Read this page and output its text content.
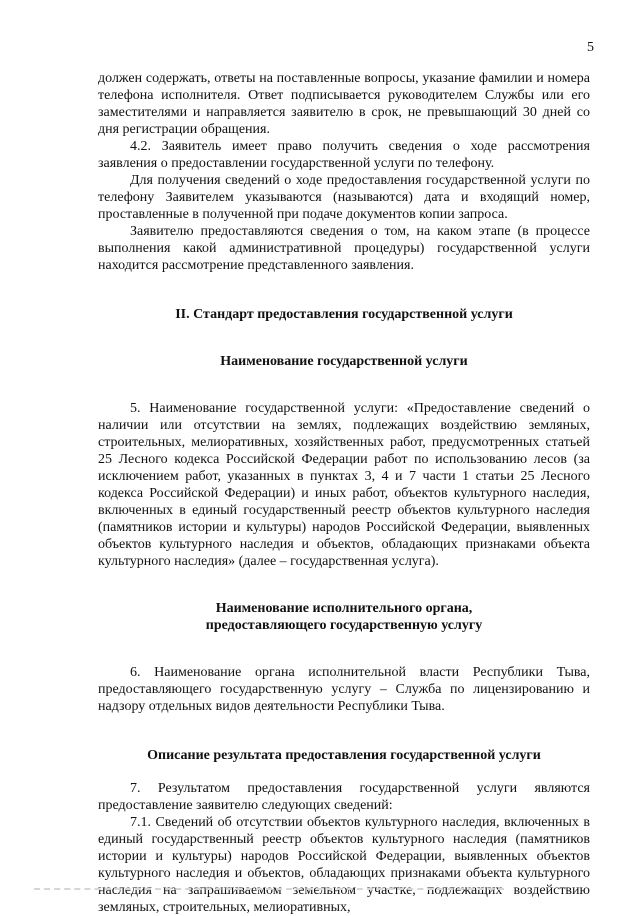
5

должен содержать, ответы на поставленные вопросы, указание фамилии и номера телефона исполнителя. Ответ подписывается руководителем Службы или его заместителями и направляется заявителю в срок, не превышающий 30 дней со дня регистрации обращения.

4.2. Заявитель имеет право получить сведения о ходе рассмотрения заявления о предоставлении государственной услуги по телефону.

Для получения сведений о ходе предоставления государственной услуги по телефону Заявителем указываются (называются) дата и входящий номер, проставленные в полученной при подаче документов копии запроса.

Заявителю предоставляются сведения о том, на каком этапе (в процессе выполнения какой административной процедуры) государственной услуги находится рассмотрение представленного заявления.

II. Стандарт предоставления государственной услуги

Наименование государственной услуги

5. Наименование государственной услуги: «Предоставление сведений о наличии или отсутствии на землях, подлежащих воздействию земляных, строительных, мелиоративных, хозяйственных работ, предусмотренных статьей 25 Лесного кодекса Российской Федерации работ по использованию лесов (за исключением работ, указанных в пунктах 3, 4 и 7 части 1 статьи 25 Лесного кодекса Российской Федерации) и иных работ, объектов культурного наследия, включенных в единый государственный реестр объектов культурного наследия (памятников истории и культуры) народов Российской Федерации, выявленных объектов культурного наследия и объектов, обладающих признаками объекта культурного наследия» (далее – государственная услуга).

Наименование исполнительного органа,

предоставляющего государственную услугу

6. Наименование органа исполнительной власти Республики Тыва, предоставляющего государственную услугу – Служба по лицензированию и надзору отдельных видов деятельности Республики Тыва.

Описание результата предоставления государственной услуги

7. Результатом предоставления государственной услуги являются предоставление заявителю следующих сведений:

7.1. Сведений об отсутствии объектов культурного наследия, включенных в единый государственный реестр объектов культурного наследия (памятников истории и культуры) народов Российской Федерации, выявленных объектов культурного наследия и объектов, обладающих признаками объекта культурного наследия на запрашиваемом земельном участке, подлежащих воздействию земляных, строительных, мелиоративных,
